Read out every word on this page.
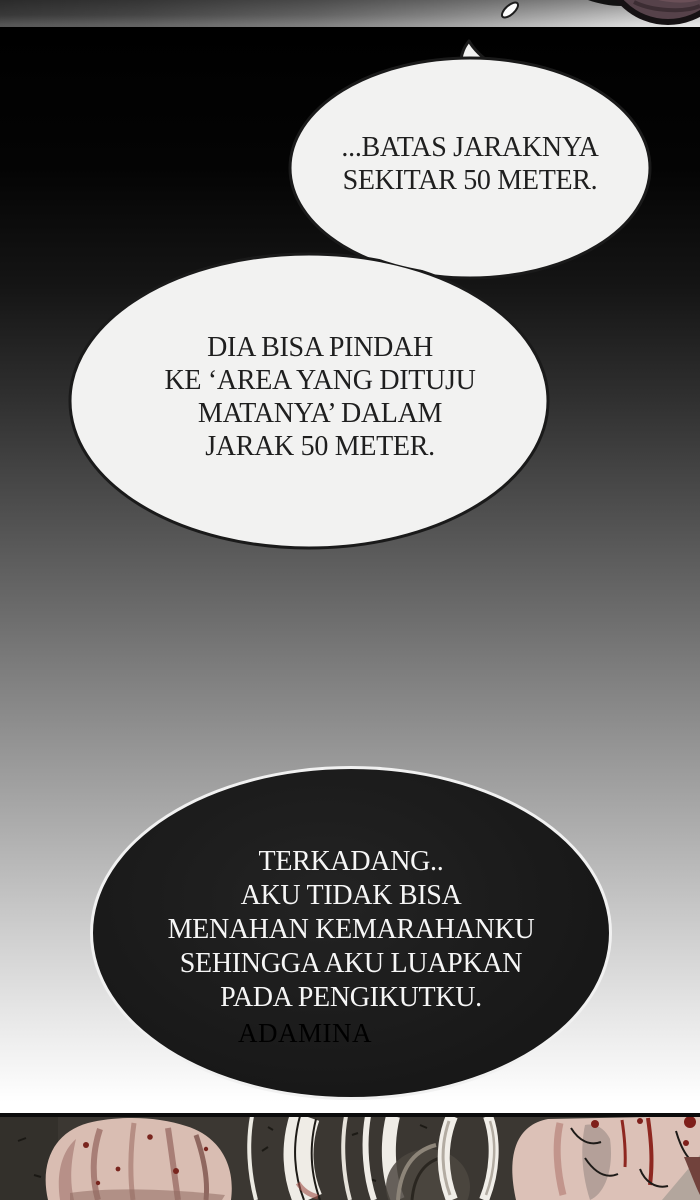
...BATAS JARAKNYA
SEKITAR 50 METER.
DIA BISA PINDAH
KE ‘AREA YANG DITUJU
MATANYA’ DALAM
JARAK 50 METER.
TERKADANG..
AKU TIDAK BISA
MENAHAN KEMARAHANKU
SEHINGGA AKU LUAPKAN
PADA PENGIKUTKU.
ADAMINA
